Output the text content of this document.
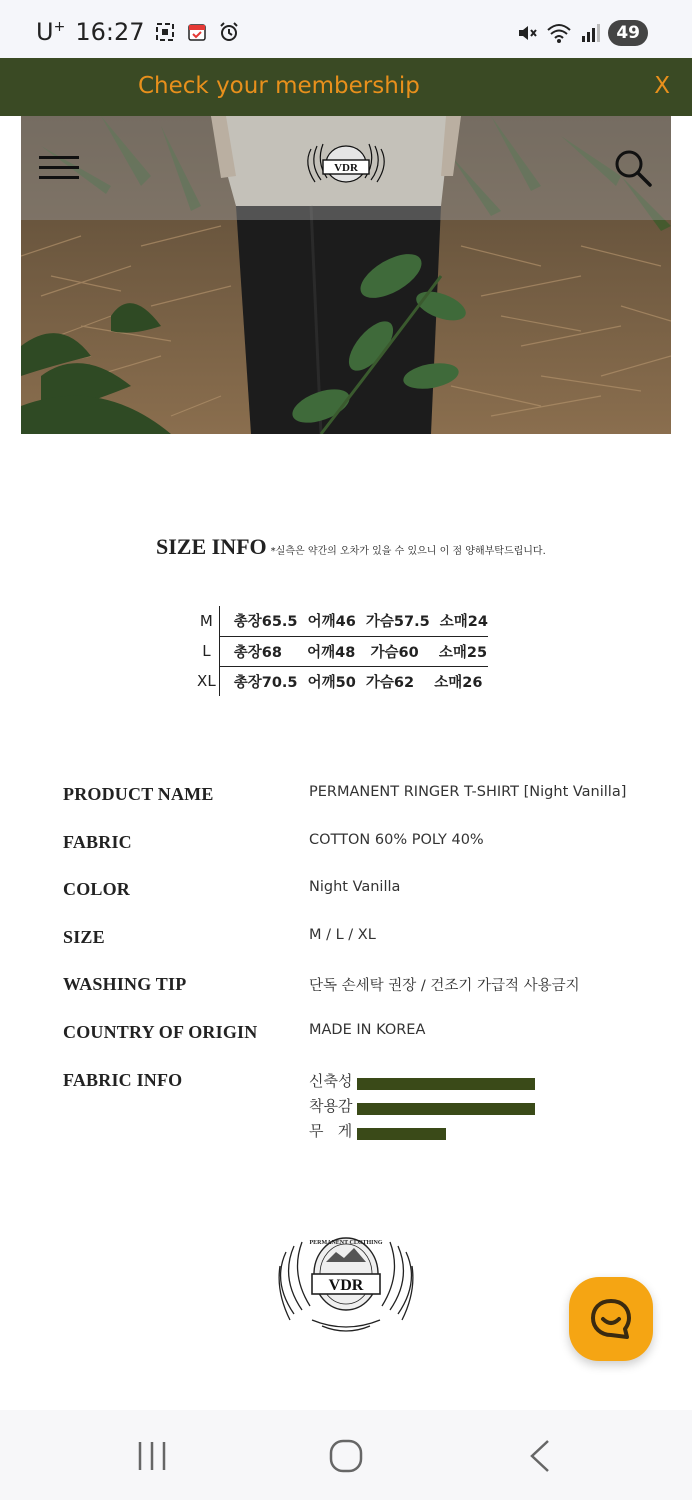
U+ 16:27	49
Check your membership	X
VDR
SIZE INFO *실측은 약간의 오차가 있을 수 있으니 이 점 양해부탁드립니다.
M	총장65.5  어깨46  가슴57.5  소매24
L	총장68     어깨48   가슴60    소매25
XL	총장70.5  어깨50  가슴62    소매26
PRODUCT NAME	PERMANENT RINGER T-SHIRT [Night Vanilla]
FABRIC	COTTON 60% POLY 40%
COLOR	Night Vanilla
SIZE	M / L / XL
WASHING TIP	단독 손세탁 권장 / 건조기 가급적 사용금지
COUNTRY OF ORIGIN	MADE IN KOREA
FABRIC INFO	신축성
착용감
무   게
PERMANENT CLOTHING
VDR
